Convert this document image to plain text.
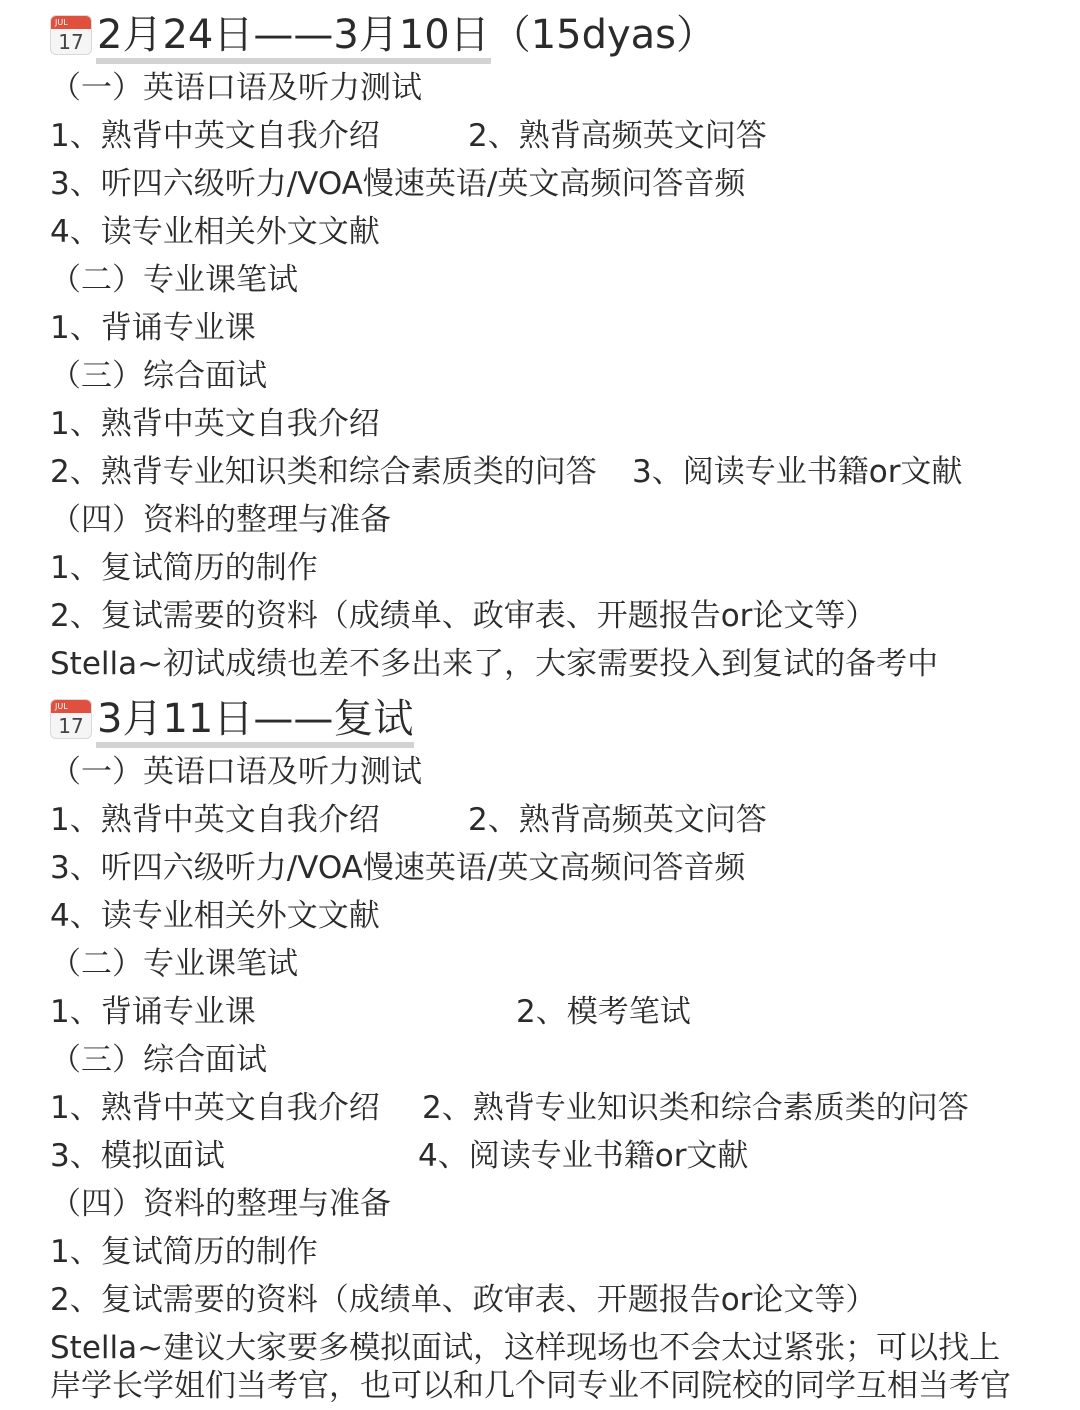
JUL
17 2月24日——3月10日 （15dyas）
（一）英语口语及听力测试
1、熟背中英文自我介绍	2、熟背高频英文问答
3、听四六级听力/VOA慢速英语/英文高频问答音频
4、读专业相关外文文献
（二）专业课笔试
1、背诵专业课
（三）综合面试
1、熟背中英文自我介绍
2、熟背专业知识类和综合素质类的问答 3、阅读专业书籍or文献
（四）资料的整理与准备
1、复试简历的制作
2、复试需要的资料（成绩单、政审表、开题报告or论文等）
Stella~初试成绩也差不多出来了，大家需要投入到复试的备考中
JUL
17 3月11日——复试
（一）英语口语及听力测试
1、熟背中英文自我介绍	2、熟背高频英文问答
3、听四六级听力/VOA慢速英语/英文高频问答音频
4、读专业相关外文文献
（二）专业课笔试
1、背诵专业课	2、模考笔试
（三）综合面试
1、熟背中英文自我介绍 2、熟背专业知识类和综合素质类的问答
3、模拟面试	4、阅读专业书籍or文献
（四）资料的整理与准备
1、复试简历的制作
2、复试需要的资料（成绩单、政审表、开题报告or论文等）
Stella~建议大家要多模拟面试，这样现场也不会太过紧张；可以找上
岸学长学姐们当考官，也可以和几个同专业不同院校的同学互相当考官
